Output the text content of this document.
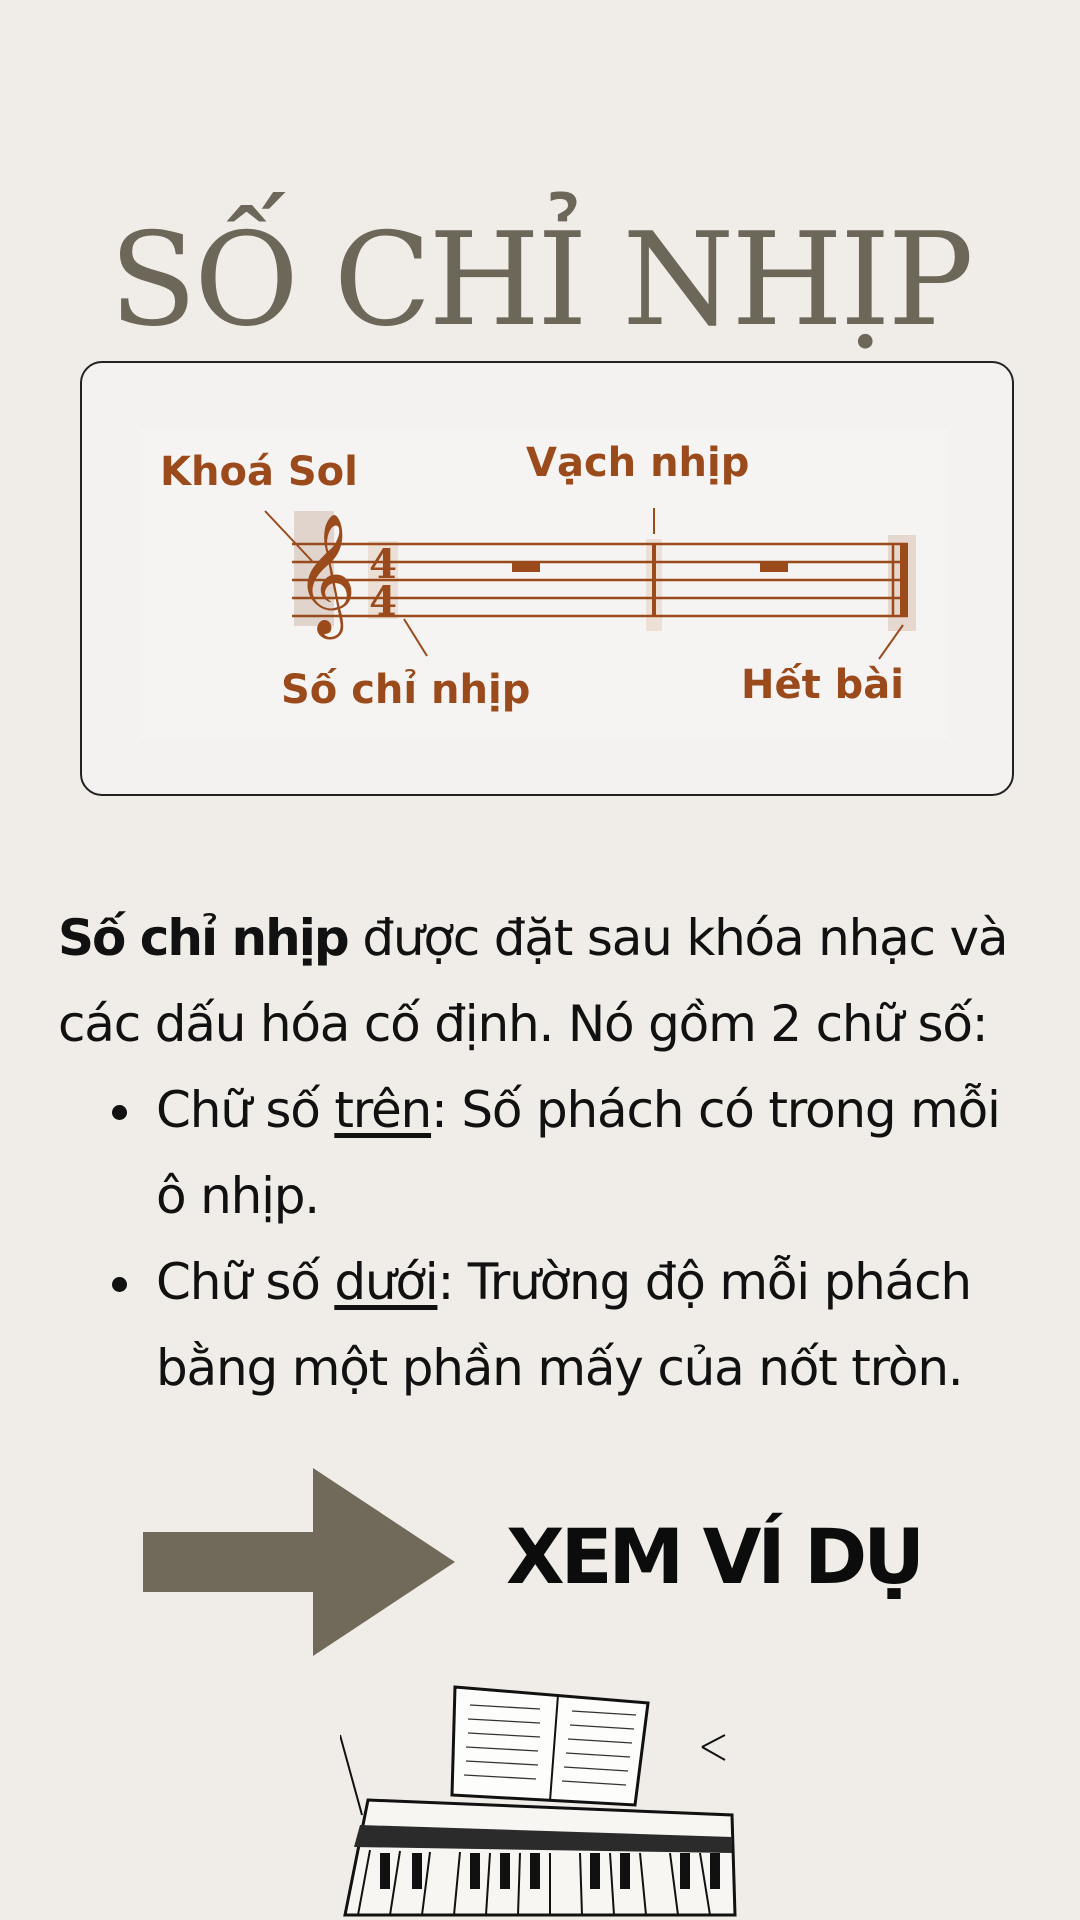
SỐ CHỈ NHỊP
𝄞 4
4
Khoá Sol	Vạch nhịp
Số chỉ nhịp	Hết bài

Số chỉ nhịp được đặt sau khóa nhạc và các dấu hóa cố định. Nó gồm 2 chữ số:

Chữ số trên: Số phách có trong mỗi ô nhịp.
Chữ số dưới: Trường độ mỗi phách bằng một phần mấy của nốt tròn.
XEM VÍ DỤ
